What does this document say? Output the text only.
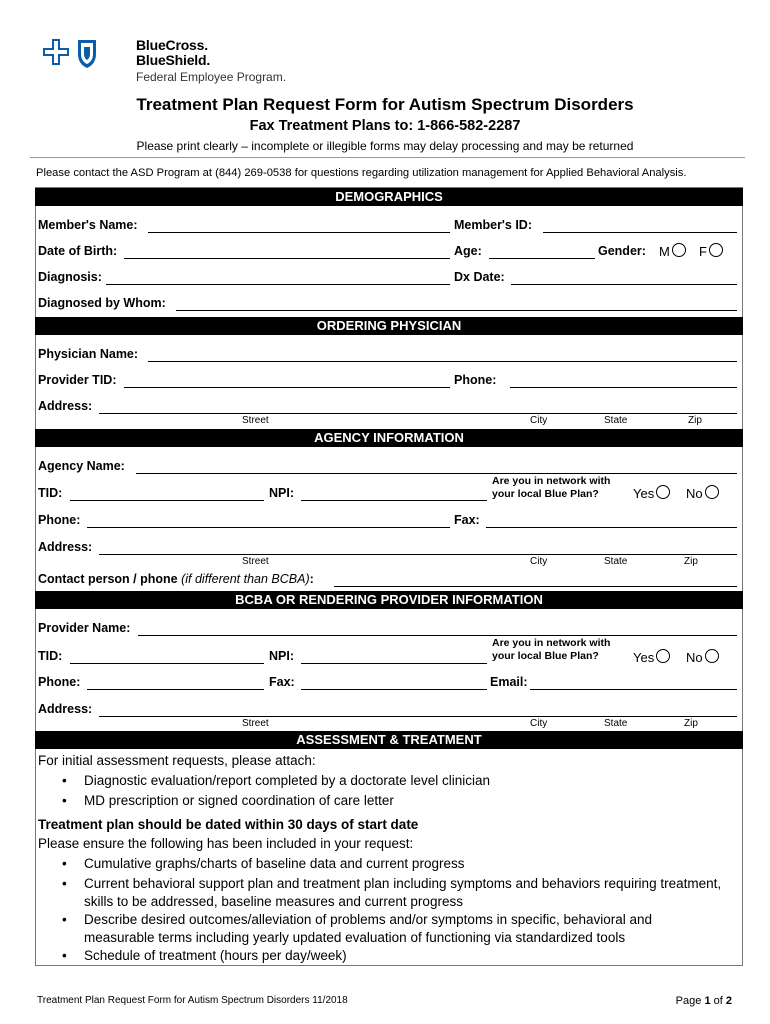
BlueCross.
BlueShield.
Federal Employee Program.
Treatment Plan Request Form for Autism Spectrum Disorders
Fax Treatment Plans to: 1-866-582-2287
Please print clearly – incomplete or illegible forms may delay processing and may be returned
Please contact the ASD Program at (844) 269-0538 for questions regarding utilization management for Applied Behavioral Analysis.
DEMOGRAPHICS
Member's Name:	Member's ID:
Date of Birth:	Age:	Gender: M	F
Diagnosis:	Dx Date:
Diagnosed by Whom:
ORDERING PHYSICIAN
Physician Name:
Provider TID:	Phone:
Address:
Street	City	State	Zip
AGENCY INFORMATION
Agency Name:
TID:	NPI:
Are you in network with
your local Blue Plan?	Yes	No
Phone:	Fax:
Address:
Street	City	State	Zip
Contact person / phone (if different than BCBA):
BCBA OR RENDERING PROVIDER INFORMATION
Provider Name:
TID:	NPI:
Are you in network with
your local Blue Plan?	Yes	No
Phone:	Fax:	Email:
Address:
Street	City	State	Zip
ASSESSMENT & TREATMENT
For initial assessment requests, please attach:
• Diagnostic evaluation/report completed by a doctorate level clinician
• MD prescription or signed coordination of care letter
Treatment plan should be dated within 30 days of start date
Please ensure the following has been included in your request:
• Cumulative graphs/charts of baseline data and current progress
• Current behavioral support plan and treatment plan including symptoms and behaviors requiring treatment, skills to be addressed, baseline measures and current progress
• Describe desired outcomes/alleviation of problems and/or symptoms in specific, behavioral and measurable terms including yearly updated evaluation of functioning via standardized tools
• Schedule of treatment (hours per day/week)
Treatment Plan Request Form for Autism Spectrum Disorders 11/2018	Page 1 of 2
